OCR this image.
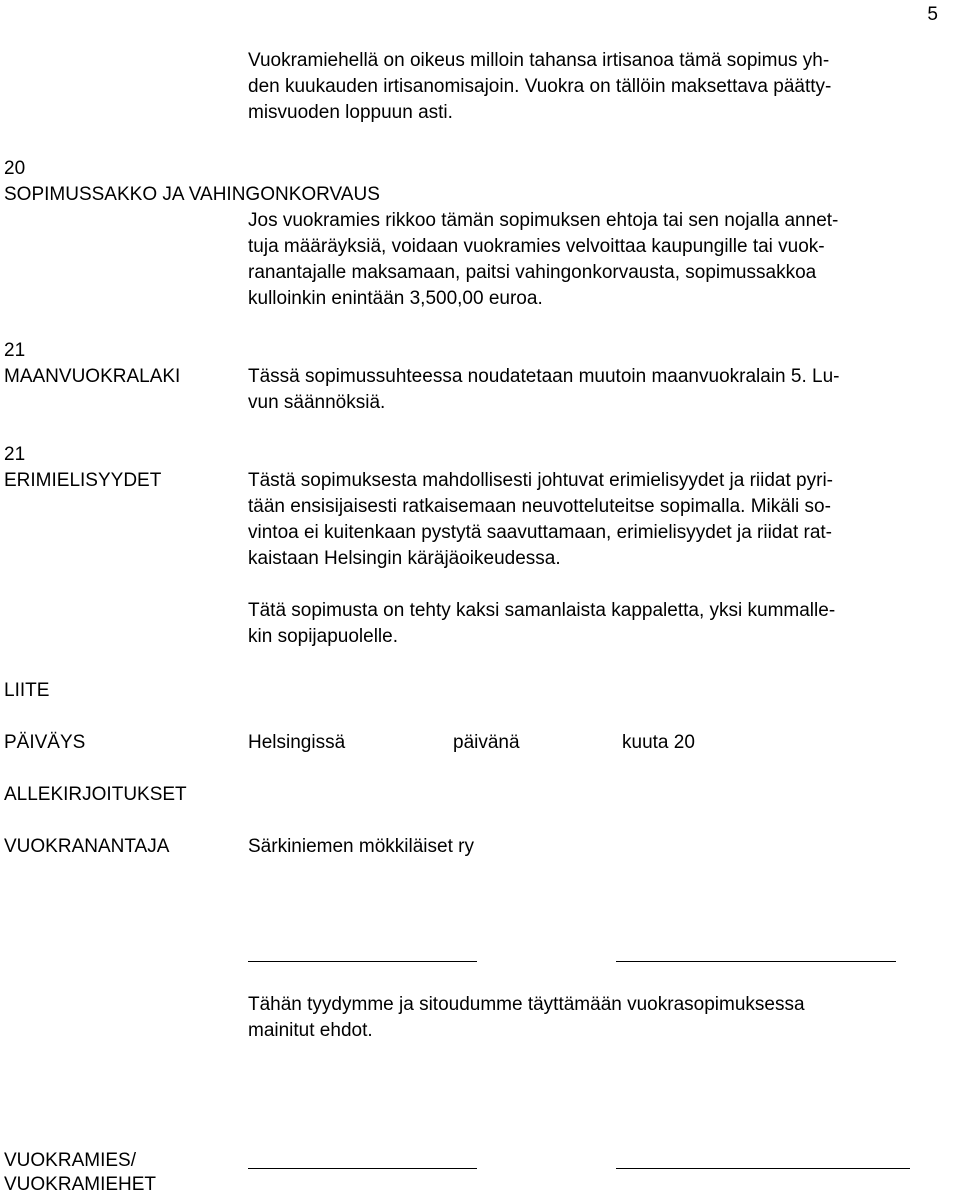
5
Vuokramiehellä on oikeus milloin tahansa irtisanoa tämä sopimus yh-
den kuukauden irtisanomisajoin. Vuokra on tällöin maksettava päätty-
misvuoden loppuun asti.
20
SOPIMUSSAKKO JA VAHINGONKORVAUS
Jos vuokramies rikkoo tämän sopimuksen ehtoja tai sen nojalla annet-
tuja määräyksiä, voidaan vuokramies velvoittaa kaupungille tai vuok-
ranantajalle maksamaan, paitsi vahingonkorvausta, sopimussakkoa
kulloinkin enintään 3,500,00 euroa.
21
MAANVUOKRALAKI	Tässä sopimussuhteessa noudatetaan muutoin maanvuokralain 5. Lu-
vun säännöksiä.
21
ERIMIELISYYDET	Tästä sopimuksesta mahdollisesti johtuvat erimielisyydet ja riidat pyri-
tään ensisijaisesti ratkaisemaan neuvotteluteitse sopimalla. Mikäli so-
vintoa ei kuitenkaan pystytä saavuttamaan, erimielisyydet ja riidat rat-
kaistaan Helsingin käräjäoikeudessa.
Tätä sopimusta on tehty kaksi samanlaista kappaletta, yksi kummalle-
kin sopijapuolelle.
LIITE
PÄIVÄYS	Helsingissä	päivänä	kuuta 20
ALLEKIRJOITUKSET
VUOKRANANTAJA	Särkiniemen mökkiläiset ry
Tähän tyydymme ja sitoudumme täyttämään vuokrasopimuksessa
mainitut ehdot.
VUOKRAMIES/
VUOKRAMIEHET
